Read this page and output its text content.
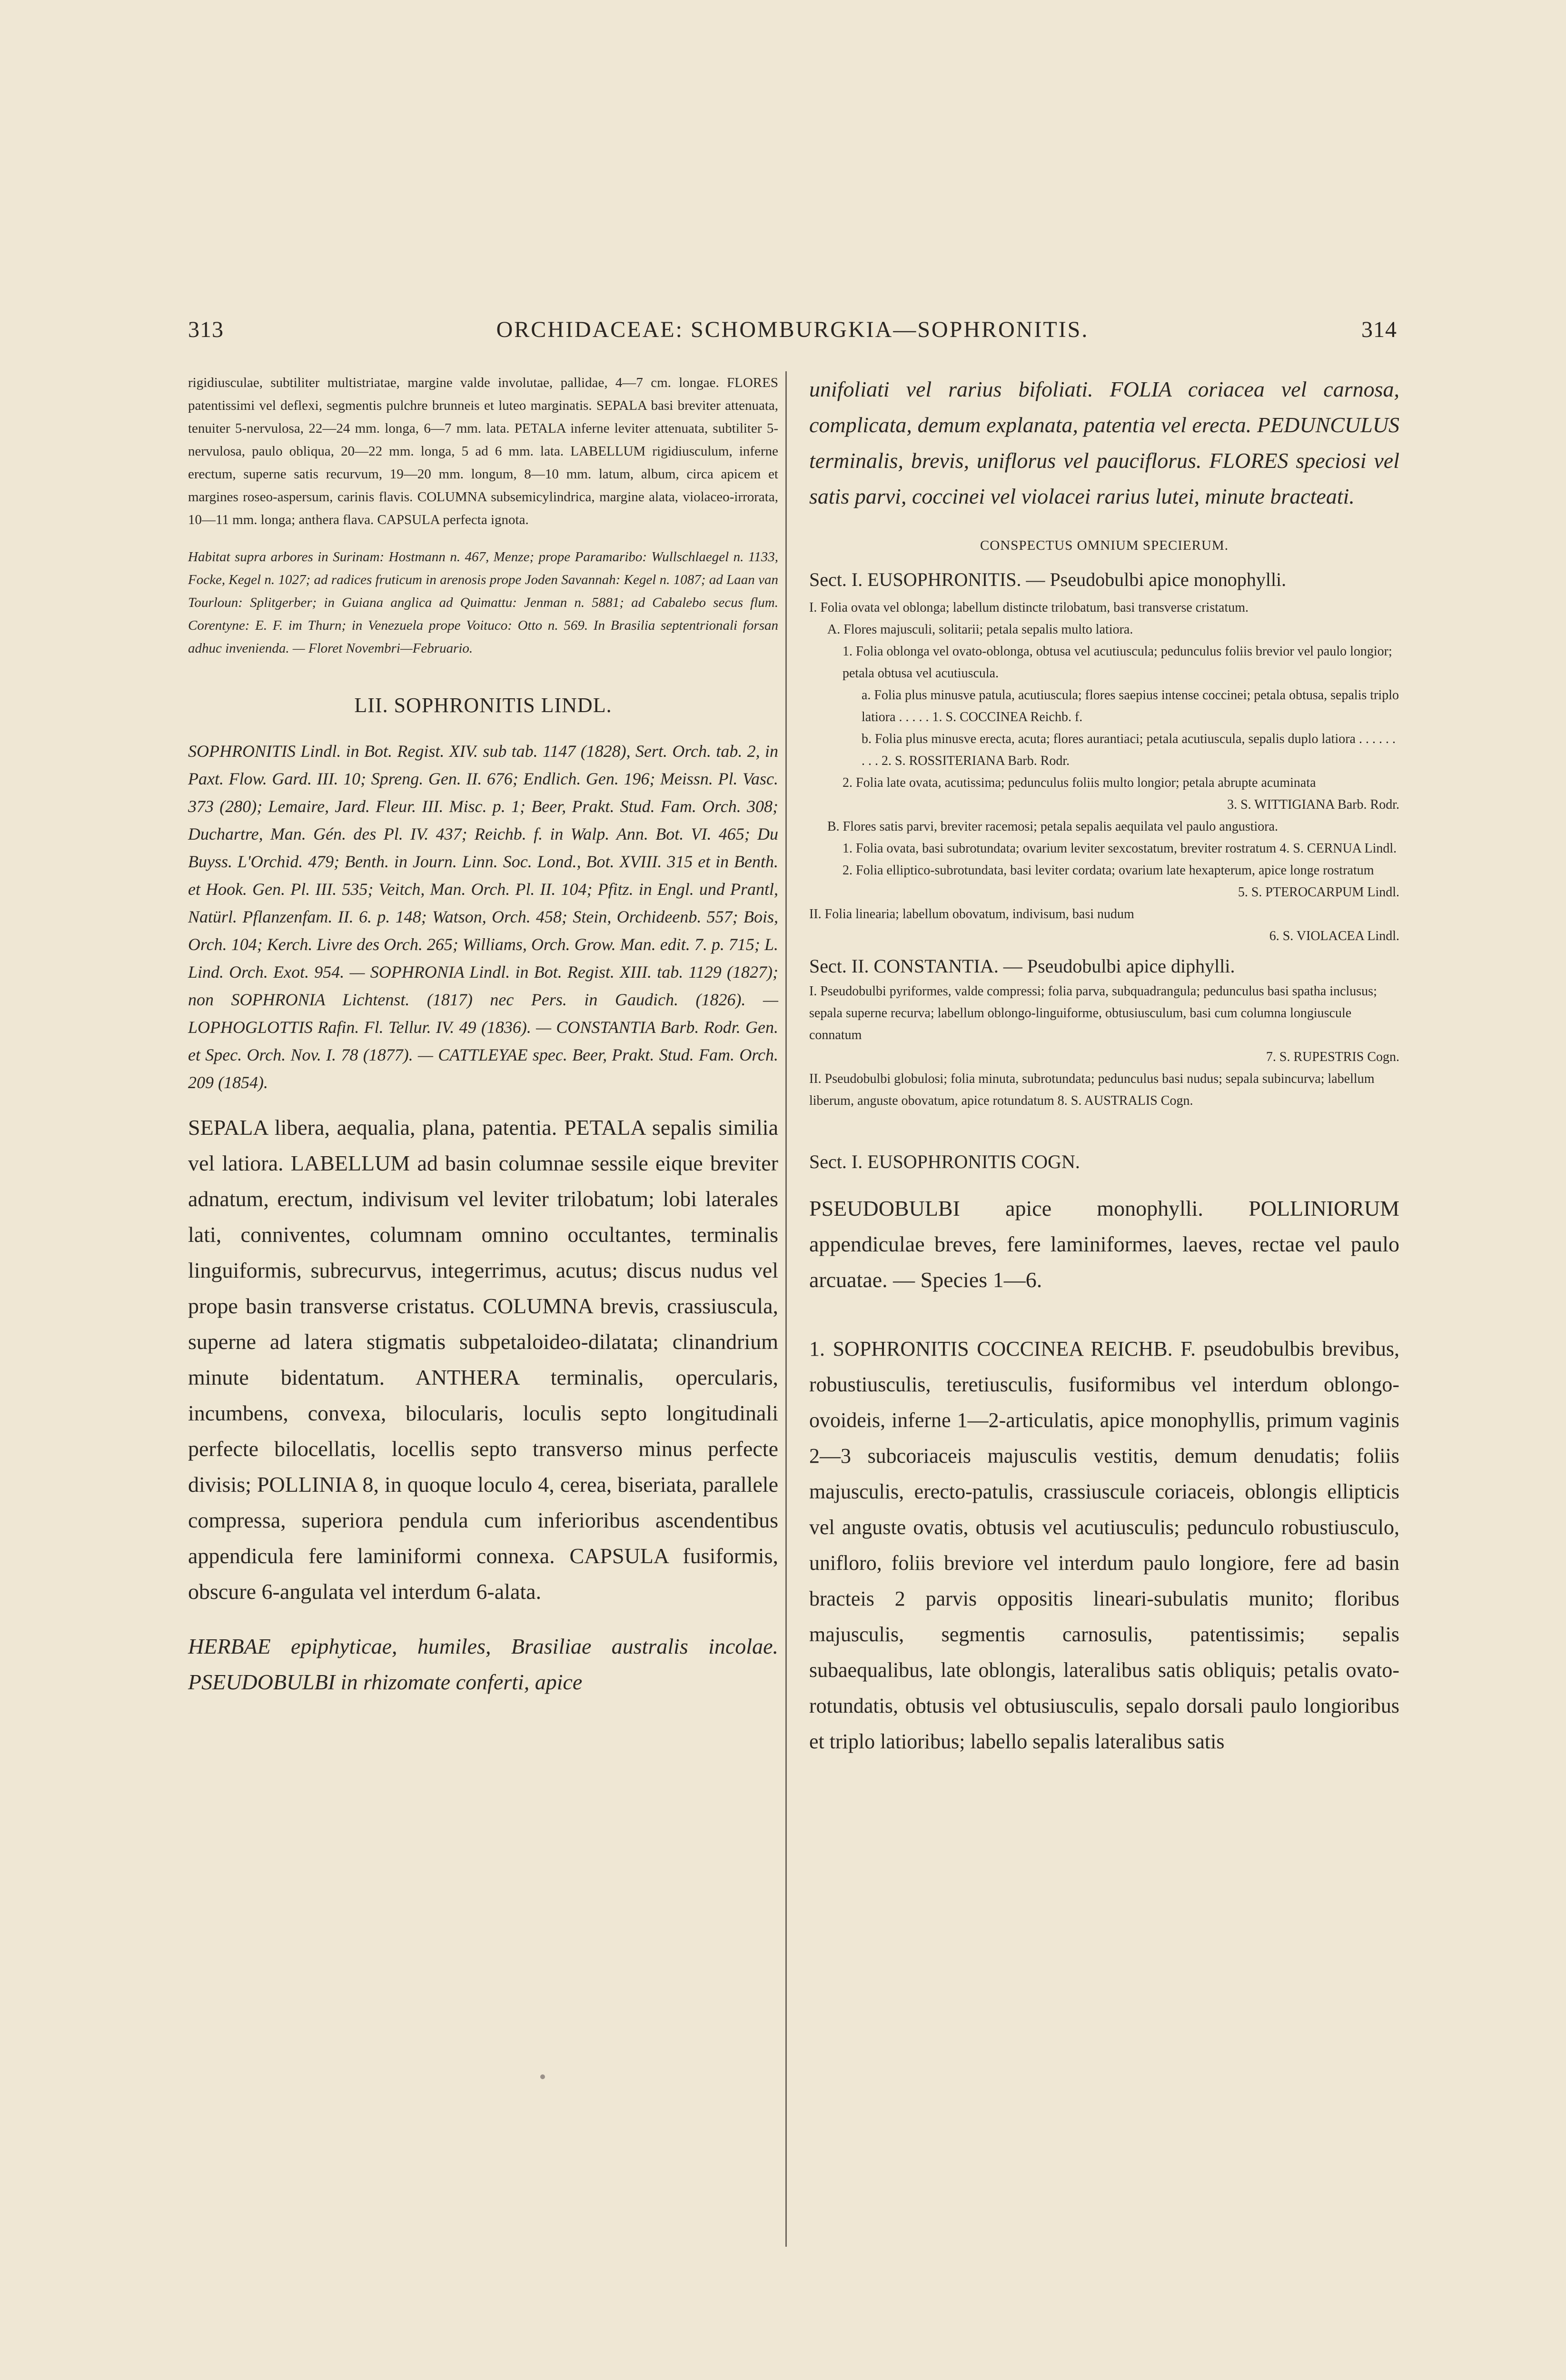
313	ORCHIDACEAE: SCHOMBURGKIA—SOPHRONITIS.	314

rigidiusculae, subtiliter multistriatae, margine valde involutae, pallidae, 4—7 cm. longae. FLORES patentissimi vel deflexi, segmentis pulchre brunneis et luteo marginatis. SEPALA basi breviter attenuata, tenuiter 5-nervulosa, 22—24 mm. longa, 6—7 mm. lata. PETALA inferne leviter attenuata, subtiliter 5-nervulosa, paulo obliqua, 20—22 mm. longa, 5 ad 6 mm. lata. LABELLUM rigidiusculum, inferne erectum, superne satis recurvum, 19—20 mm. longum, 8—10 mm. latum, album, circa apicem et margines roseo-aspersum, carinis flavis. COLUMNA subsemicylindrica, margine alata, violaceo-irrorata, 10—11 mm. longa; anthera flava. CAPSULA perfecta ignota.

Habitat supra arbores in Surinam: Hostmann n. 467, Menze; prope Paramaribo: Wullschlaegel n. 1133, Focke, Kegel n. 1027; ad radices fruticum in arenosis prope Joden Savannah: Kegel n. 1087; ad Laan van Tourloun: Splitgerber; in Guiana anglica ad Quimattu: Jenman n. 5881; ad Cabalebo secus flum. Corentyne: E. F. im Thurn; in Venezuela prope Voituco: Otto n. 569. In Brasilia septentrionali forsan adhuc invenienda. — Floret Novembri—Februario.

LII. SOPHRONITIS LINDL.

SOPHRONITIS Lindl. in Bot. Regist. XIV. sub tab. 1147 (1828), Sert. Orch. tab. 2, in Paxt. Flow. Gard. III. 10; Spreng. Gen. II. 676; Endlich. Gen. 196; Meissn. Pl. Vasc. 373 (280); Lemaire, Jard. Fleur. III. Misc. p. 1; Beer, Prakt. Stud. Fam. Orch. 308; Duchartre, Man. Gén. des Pl. IV. 437; Reichb. f. in Walp. Ann. Bot. VI. 465; Du Buyss. L'Orchid. 479; Benth. in Journ. Linn. Soc. Lond., Bot. XVIII. 315 et in Benth. et Hook. Gen. Pl. III. 535; Veitch, Man. Orch. Pl. II. 104; Pfitz. in Engl. und Prantl, Natürl. Pflanzenfam. II. 6. p. 148; Watson, Orch. 458; Stein, Orchideenb. 557; Bois, Orch. 104; Kerch. Livre des Orch. 265; Williams, Orch. Grow. Man. edit. 7. p. 715; L. Lind. Orch. Exot. 954. — SOPHRONIA Lindl. in Bot. Regist. XIII. tab. 1129 (1827); non SOPHRONIA Lichtenst. (1817) nec Pers. in Gaudich. (1826). — LOPHOGLOTTIS Rafin. Fl. Tellur. IV. 49 (1836). — CONSTANTIA Barb. Rodr. Gen. et Spec. Orch. Nov. I. 78 (1877). — CATTLEYAE spec. Beer, Prakt. Stud. Fam. Orch. 209 (1854).

SEPALA libera, aequalia, plana, patentia. PETALA sepalis similia vel latiora. LABELLUM ad basin columnae sessile eique breviter adnatum, erectum, indivisum vel leviter trilobatum; lobi laterales lati, conniventes, columnam omnino occultantes, terminalis linguiformis, subrecurvus, integerrimus, acutus; discus nudus vel prope basin transverse cristatus. COLUMNA brevis, crassiuscula, superne ad latera stigmatis subpetaloideo-dilatata; clinandrium minute bidentatum. ANTHERA terminalis, opercularis, incumbens, convexa, bilocularis, loculis septo longitudinali perfecte bilocellatis, locellis septo transverso minus perfecte divisis; POLLINIA 8, in quoque loculo 4, cerea, biseriata, parallele compressa, superiora pendula cum inferioribus ascendentibus appendicula fere laminiformi connexa. CAPSULA fusiformis, obscure 6-angulata vel interdum 6-alata.

HERBAE epiphyticae, humiles, Brasiliae australis incolae. PSEUDOBULBI in rhizomate conferti, apice

unifoliati vel rarius bifoliati. FOLIA coriacea vel carnosa, complicata, demum explanata, patentia vel erecta. PEDUNCULUS terminalis, brevis, uniflorus vel pauciflorus. FLORES speciosi vel satis parvi, coccinei vel violacei rarius lutei, minute bracteati.

CONSPECTUS OMNIUM SPECIERUM.

Sect. I. EUSOPHRONITIS. — Pseudobulbi apice monophylli.

I. Folia ovata vel oblonga; labellum distincte trilobatum, basi transverse cristatum.

A. Flores majusculi, solitarii; petala sepalis multo latiora.

1. Folia oblonga vel ovato-oblonga, obtusa vel acutiuscula; pedunculus foliis brevior vel paulo longior; petala obtusa vel acutiuscula.

a. Folia plus minusve patula, acutiuscula; flores saepius intense coccinei; petala obtusa, sepalis triplo latiora . . . . . 1. S. COCCINEA Reichb. f.

b. Folia plus minusve erecta, acuta; flores aurantiaci; petala acutiuscula, sepalis duplo latiora . . . . . . . . . 2. S. ROSSITERIANA Barb. Rodr.

2. Folia late ovata, acutissima; pedunculus foliis multo longior; petala abrupte acuminata

3. S. WITTIGIANA Barb. Rodr.

B. Flores satis parvi, breviter racemosi; petala sepalis aequilata vel paulo angustiora.

1. Folia ovata, basi subrotundata; ovarium leviter sexcostatum, breviter rostratum 4. S. CERNUA Lindl.

2. Folia elliptico-subrotundata, basi leviter cordata; ovarium late hexapterum, apice longe rostratum

5. S. PTEROCARPUM Lindl.

II. Folia linearia; labellum obovatum, indivisum, basi nudum

6. S. VIOLACEA Lindl.

Sect. II. CONSTANTIA. — Pseudobulbi apice diphylli.

I. Pseudobulbi pyriformes, valde compressi; folia parva, subquadrangula; pedunculus basi spatha inclusus; sepala superne recurva; labellum oblongo-linguiforme, obtusiusculum, basi cum columna longiuscule connatum

7. S. RUPESTRIS Cogn.

II. Pseudobulbi globulosi; folia minuta, subrotundata; pedunculus basi nudus; sepala subincurva; labellum liberum, anguste obovatum, apice rotundatum 8. S. AUSTRALIS Cogn.

Sect. I. EUSOPHRONITIS COGN.

PSEUDOBULBI apice monophylli. POLLINIORUM appendiculae breves, fere laminiformes, laeves, rectae vel paulo arcuatae. — Species 1—6.

1. SOPHRONITIS COCCINEA REICHB. F. pseudobulbis brevibus, robustiusculis, teretiusculis, fusiformibus vel interdum oblongo-ovoideis, inferne 1—2-articulatis, apice monophyllis, primum vaginis 2—3 subcoriaceis majusculis vestitis, demum denudatis; foliis majusculis, erecto-patulis, crassiuscule coriaceis, oblongis ellipticis vel anguste ovatis, obtusis vel acutiusculis; pedunculo robustiusculo, unifloro, foliis breviore vel interdum paulo longiore, fere ad basin bracteis 2 parvis oppositis lineari-subulatis munito; floribus majusculis, segmentis carnosulis, patentissimis; sepalis subaequalibus, late oblongis, lateralibus satis obliquis; petalis ovato-rotundatis, obtusis vel obtusiusculis, sepalo dorsali paulo longioribus et triplo latioribus; labello sepalis lateralibus satis
